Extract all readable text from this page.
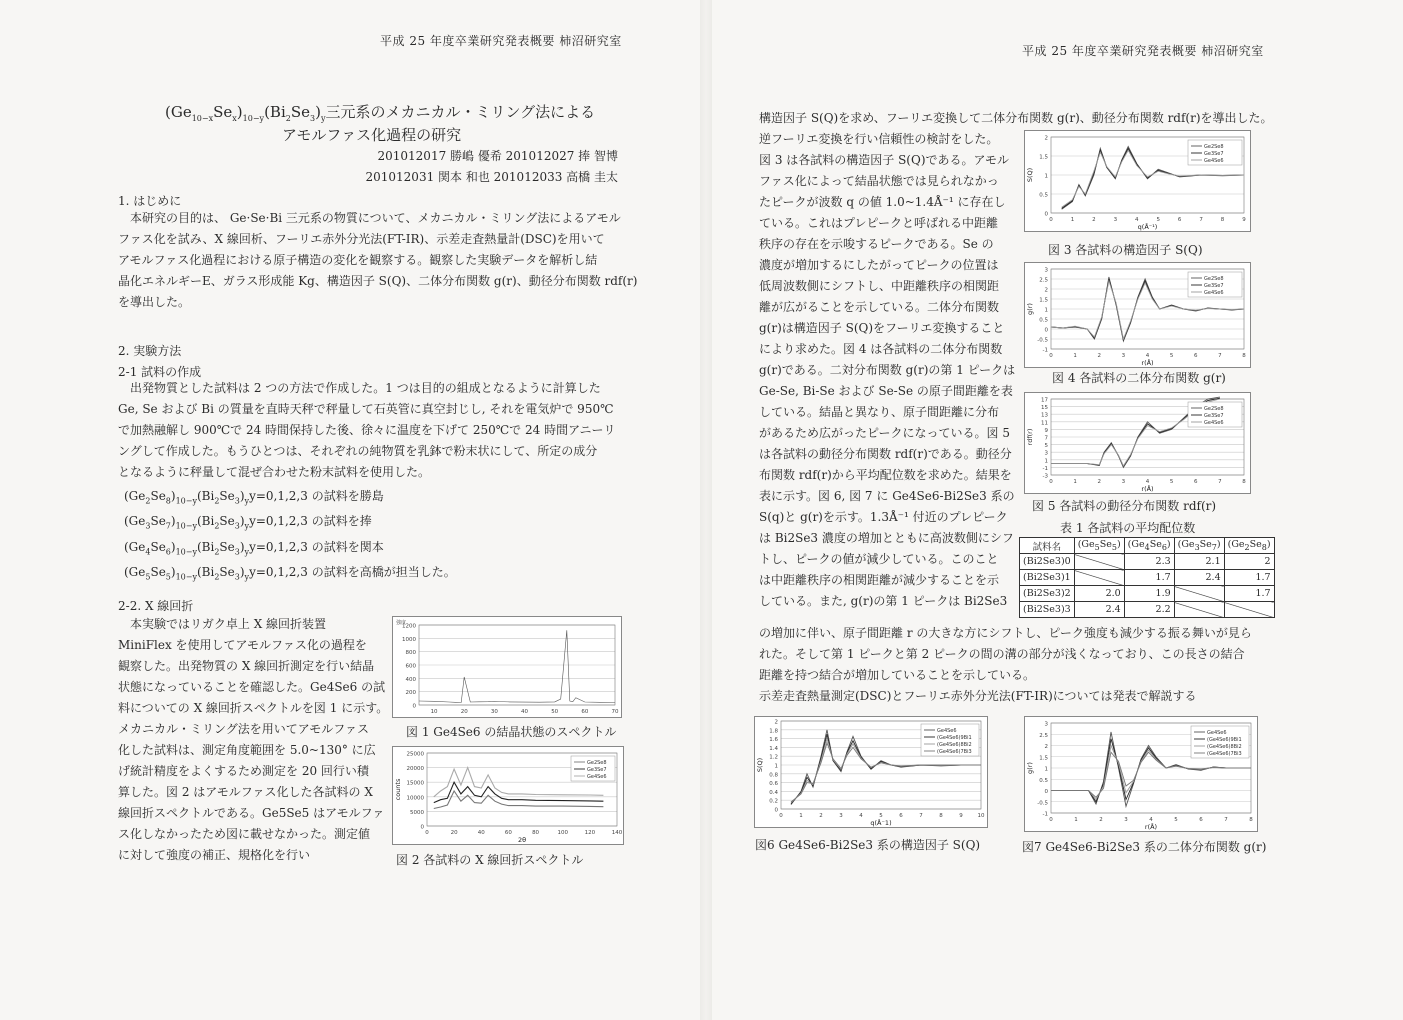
平成 25 年度卒業研究発表概要 柿沼研究室
$(Ge_{10-x}Se_x)_{10-y}(Bi_2Se_3)_y$三元系のメカニカル・ミリング法による
アモルファス化過程の研究
201012017 勝嶋 優希 201012027 捧 智博
201012031 関本 和也 201012033 高橋 圭太
1. はじめに
本研究の目的は、 Ge·Se·Bi 三元系の物質について、メカニカル・ミリング法によるアモル
ファス化を試み、X 線回析、フーリエ赤外分光法(FT-IR)、示差走査熱量計(DSC)を用いて
アモルファス化過程における原子構造の変化を観察する。観察した実験データを解析し結
晶化エネルギーE、ガラス形成能 Kg、構造因子 S(Q)、二体分布関数 g(r)、動径分布関数 rdf(r)
を導出した。
2. 実験方法
2-1 試料の作成
出発物質とした試料は 2 つの方法で作成した。1 つは目的の組成となるように計算した
Ge, Se および Bi の質量を直時天秤で秤量して石英管に真空封じし, それを電気炉で 950℃
で加熱融解し 900℃で 24 時間保持した後、徐々に温度を下げて 250℃で 24 時間アニーリ
ングして作成した。もうひとつは、それぞれの純物質を乳鉢で粉末状にして、所定の成分
となるように秤量して混ぜ合わせた粉末試料を使用した。
$(Ge_2Se_8)_{10-y}(Bi_2Se_3)_yy=0,1,2,3$ の試料を勝島
$(Ge_3Se_7)_{10-y}(Bi_2Se_3)_yy=0,1,2,3$ の試料を捧
$(Ge_4Se_6)_{10-y}(Bi_2Se_3)_yy=0,1,2,3$ の試料を関本
$(Ge_5Se_5)_{10-y}(Bi_2Se_3)_yy=0,1,2,3$ の試料を高橋が担当した。
2-2. X 線回折
本実験ではリガク卓上 X 線回折装置
MiniFlex を使用してアモルファス化の過程を
観察した。出発物質の X 線回折測定を行い結晶
状態になっていることを確認した。Ge4Se6 の試
料についての X 線回折スペクトルを図 1 に示す。
メカニカル・ミリング法を用いてアモルファス
化した試料は、測定角度範囲を 5.0~130° に広
げ統計精度をよくするため測定を 20 回行い積
算した。図 2 はアモルファス化した各試料の X
線回折スペクトルである。Ge5Se5 はアモルファ
ス化しなかったため図に載せなかった。測定値
に対して強度の補正、規格化を行い
1200
1000
800
600
400
200
0
10	20	30	40	50	60	70
強度
図 1 Ge4Se6 の結晶状態のスペクトル
25000
20000
15000
10000
5000
0
0	20	40	60	80	100	120	140
2θ
counts
Ge2Se8
Ge3Se7
Ge4Se6
図 2 各試料の X 線回折スペクトル
平成 25 年度卒業研究発表概要 柿沼研究室
構造因子 S(Q)を求め、フーリエ変換して二体分布関数 g(r)、動径分布関数 rdf(r)を導出した。
逆フーリエ変換を行い信頼性の検討をした。
図 3 は各試料の構造因子 S(Q)である。アモル
ファス化によって結晶状態では見られなかっ
たピークが波数 q の値 1.0~1.4Å⁻¹ に存在し
ている。これはプレピークと呼ばれる中距離
秩序の存在を示唆するピークである。Se の
濃度が増加するにしたがってピークの位置は
低周波数側にシフトし、中距離秩序の相関距
離が広がることを示している。二体分布関数
g(r)は構造因子 S(Q)をフーリエ変換すること
により求めた。図 4 は各試料の二体分布関数
g(r)である。二対分布関数 g(r)の第 1 ピークは
Ge-Se, Bi-Se および Se-Se の原子間距離を表
している。結晶と異なり、原子間距離に分布
があるため広がったピークになっている。図 5
は各試料の動径分布関数 rdf(r)である。動径分
布関数 rdf(r)から平均配位数を求めた。結果を
表に示す。図 6, 図 7 に Ge4Se6-Bi2Se3 系の
S(q)と g(r)を示す。1.3Å⁻¹ 付近のプレピーク
は Bi2Se3 濃度の増加とともに高波数側にシフ
トし、ピークの値が減少している。このこと
は中距離秩序の相関距離が減少することを示
している。また, g(r)の第 1 ピークは Bi2Se3
の増加に伴い、原子間距離 r の大きな方にシフトし、ピーク強度も減少する振る舞いが見ら
れた。そして第 1 ピークと第 2 ピークの間の溝の部分が浅くなっており、この長さの結合
距離を持つ結合が増加していることを示している。
示差走査熱量測定(DSC)とフーリエ赤外分光法(FT-IR)については発表で解説する
2
1.5
1
0.5
0
0	1	2	3	4	5	6	7	8	9
q(Å⁻¹)
S(Q)
Ge2Se8
Ge3Se7
Ge4Se6
図 3 各試料の構造因子 S(Q)
3
2.5
2
1.5
1
0.5
0
-0.5
-1
0	1	2	3	4	5	6	7	8
r(Å)
g(r)
Ge2Se8
Ge3Se7
Ge4Se6
図 4 各試料の二体分布関数 g(r)
17
15
13
11
9
7
5
3
1
-1
-3
0	1	2	3	4	5	6	7	8
r(Å)
rdf(r)
Ge2Se8
Ge3Se7
Ge4Se6
図 5 各試料の動径分布関数 rdf(r)
表 1 各試料の平均配位数
試料名	$(Ge_5Se_5)$	$(Ge_4Se_6)$	$(Ge_3Se_7)$	$(Ge_2Se_8)$
(Bi2Se3)0		2.3	2.1	2
(Bi2Se3)1		1.7	2.4	1.7
(Bi2Se3)2	2.0	1.9		1.7
(Bi2Se3)3	2.4	2.2		
2
1.8
1.6
1.4
1.2
1
0.8
0.6
0.4
0.2
0
0	1	2	3	4	5	6	7	8	9	10
q(Å⁻1)
S(Q)
Ge4Se6
(Ge4Se6)9Bi1
(Ge4Se6)8Bi2
(Ge4Se6)7Bi3
図6 Ge4Se6-Bi2Se3 系の構造因子 S(Q)
3
2.5
2
1.5
1
0.5
0
-0.5
-1
0	1	2	3	4	5	6	7	8
r(Å)
g(r)
Ge4Se6
(Ge4Se6)9Bi1
(Ge4Se6)8Bi2
(Ge4Se6)7Bi3
図7 Ge4Se6-Bi2Se3 系の二体分布関数 g(r)
